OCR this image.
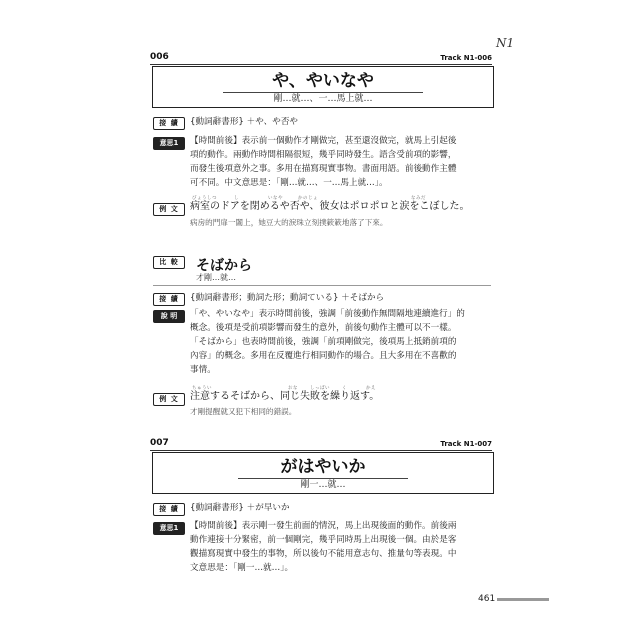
N1
006	Track N1-006
や、やいなや
剛…就…、一…馬上就…
接 續	{動詞辭書形} ＋や、や否や
意思1	【時間前後】表示前一個動作才剛做完，甚至還沒做完，就馬上引起後
項的動作。兩動作時間相隔很短，幾乎同時發生。語含受前項的影響，
而發生後項意外之事。多用在描寫現實事物。書面用語。前後動作主體
可不同。中文意思是：「剛…就…、一…馬上就…」。
例 文
びょうしつ	し	いなや	かのじょ	なみだ
病室のドアを閉めるや否や、彼女はポロポロと涙をこぼした。
病房的門扉一闔上，她豆大的淚珠立刻撲簌簌地落了下來。
比 較	そばから
才剛…就…
接 續	{動詞辭書形；動詞た形；動詞ている} ＋そばから
說 明	「や、やいなや」表示時間前後，強調「前後動作無間隔地連續進行」的
概念。後項是受前項影響而發生的意外，前後句動作主體可以不一樣。
「そばから」也表時間前後，強調「前項剛做完，後項馬上抵銷前項的
內容」的概念。多用在反覆進行相同動作的場合。且大多用在不喜歡的
事情。
例 文
ちゅうい	おな	しっぱい	く	かえ
注意するそばから、同じ失敗を繰り返す。
才剛提醒就又犯下相同的錯誤。
007	Track N1-007
がはやいか
剛一…就…
接 續	{動詞辭書形} ＋が早いか
意思1	【時間前後】表示剛一發生前面的情況，馬上出現後面的動作。前後兩
動作連接十分緊密，前一個剛完，幾乎同時馬上出現後一個。由於是客
觀描寫現實中發生的事物，所以後句不能用意志句、推量句等表現。中
文意思是：「剛一…就…」。
461
